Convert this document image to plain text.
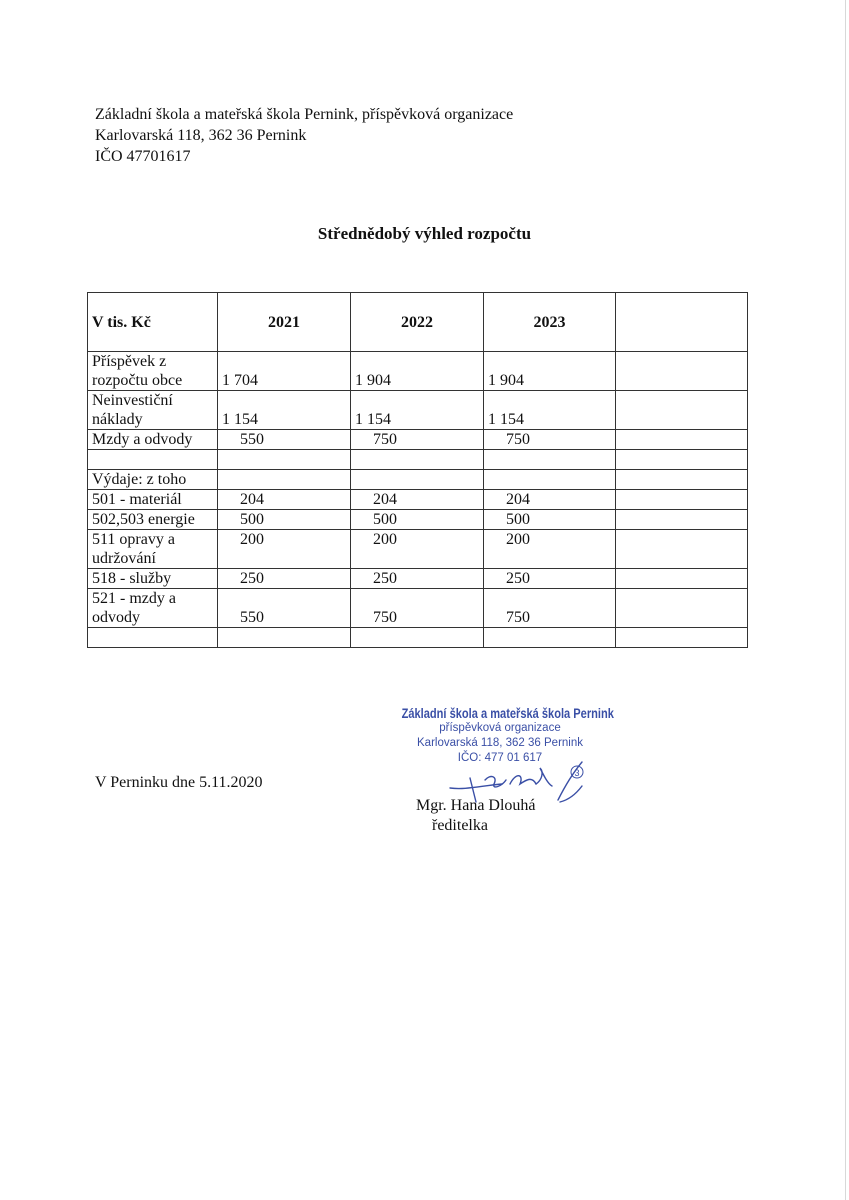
Základní škola a mateřská škola Pernink, příspěvková organizace
Karlovarská 118, 362 36 Pernink
IČO 47701617
Střednědobý výhled rozpočtu
V tis. Kč	2021	2022	2023	

Příspěvek z
rozpočtu obce	1 704	1 904	1 904	

Neinvestiční
náklady	1 154	1 154	1 154	

Mzdy a odvody	550	750	750	

Výdaje: z toho				

501 - materiál	204	204	204	

502,503 energie	500	500	500	

511 opravy a
udržování	200	200	200	

518 - služby	250	250	250	

521 - mzdy a
odvody	550	750	750	

V Perninku dne 5.11.2020
Základní škola a mateřská škola Pernink
příspěvková organizace
Karlovarská 118, 362 36 Pernink
IČO: 477 01 617
3
Mgr. Hana Dlouhá
ředitelka
